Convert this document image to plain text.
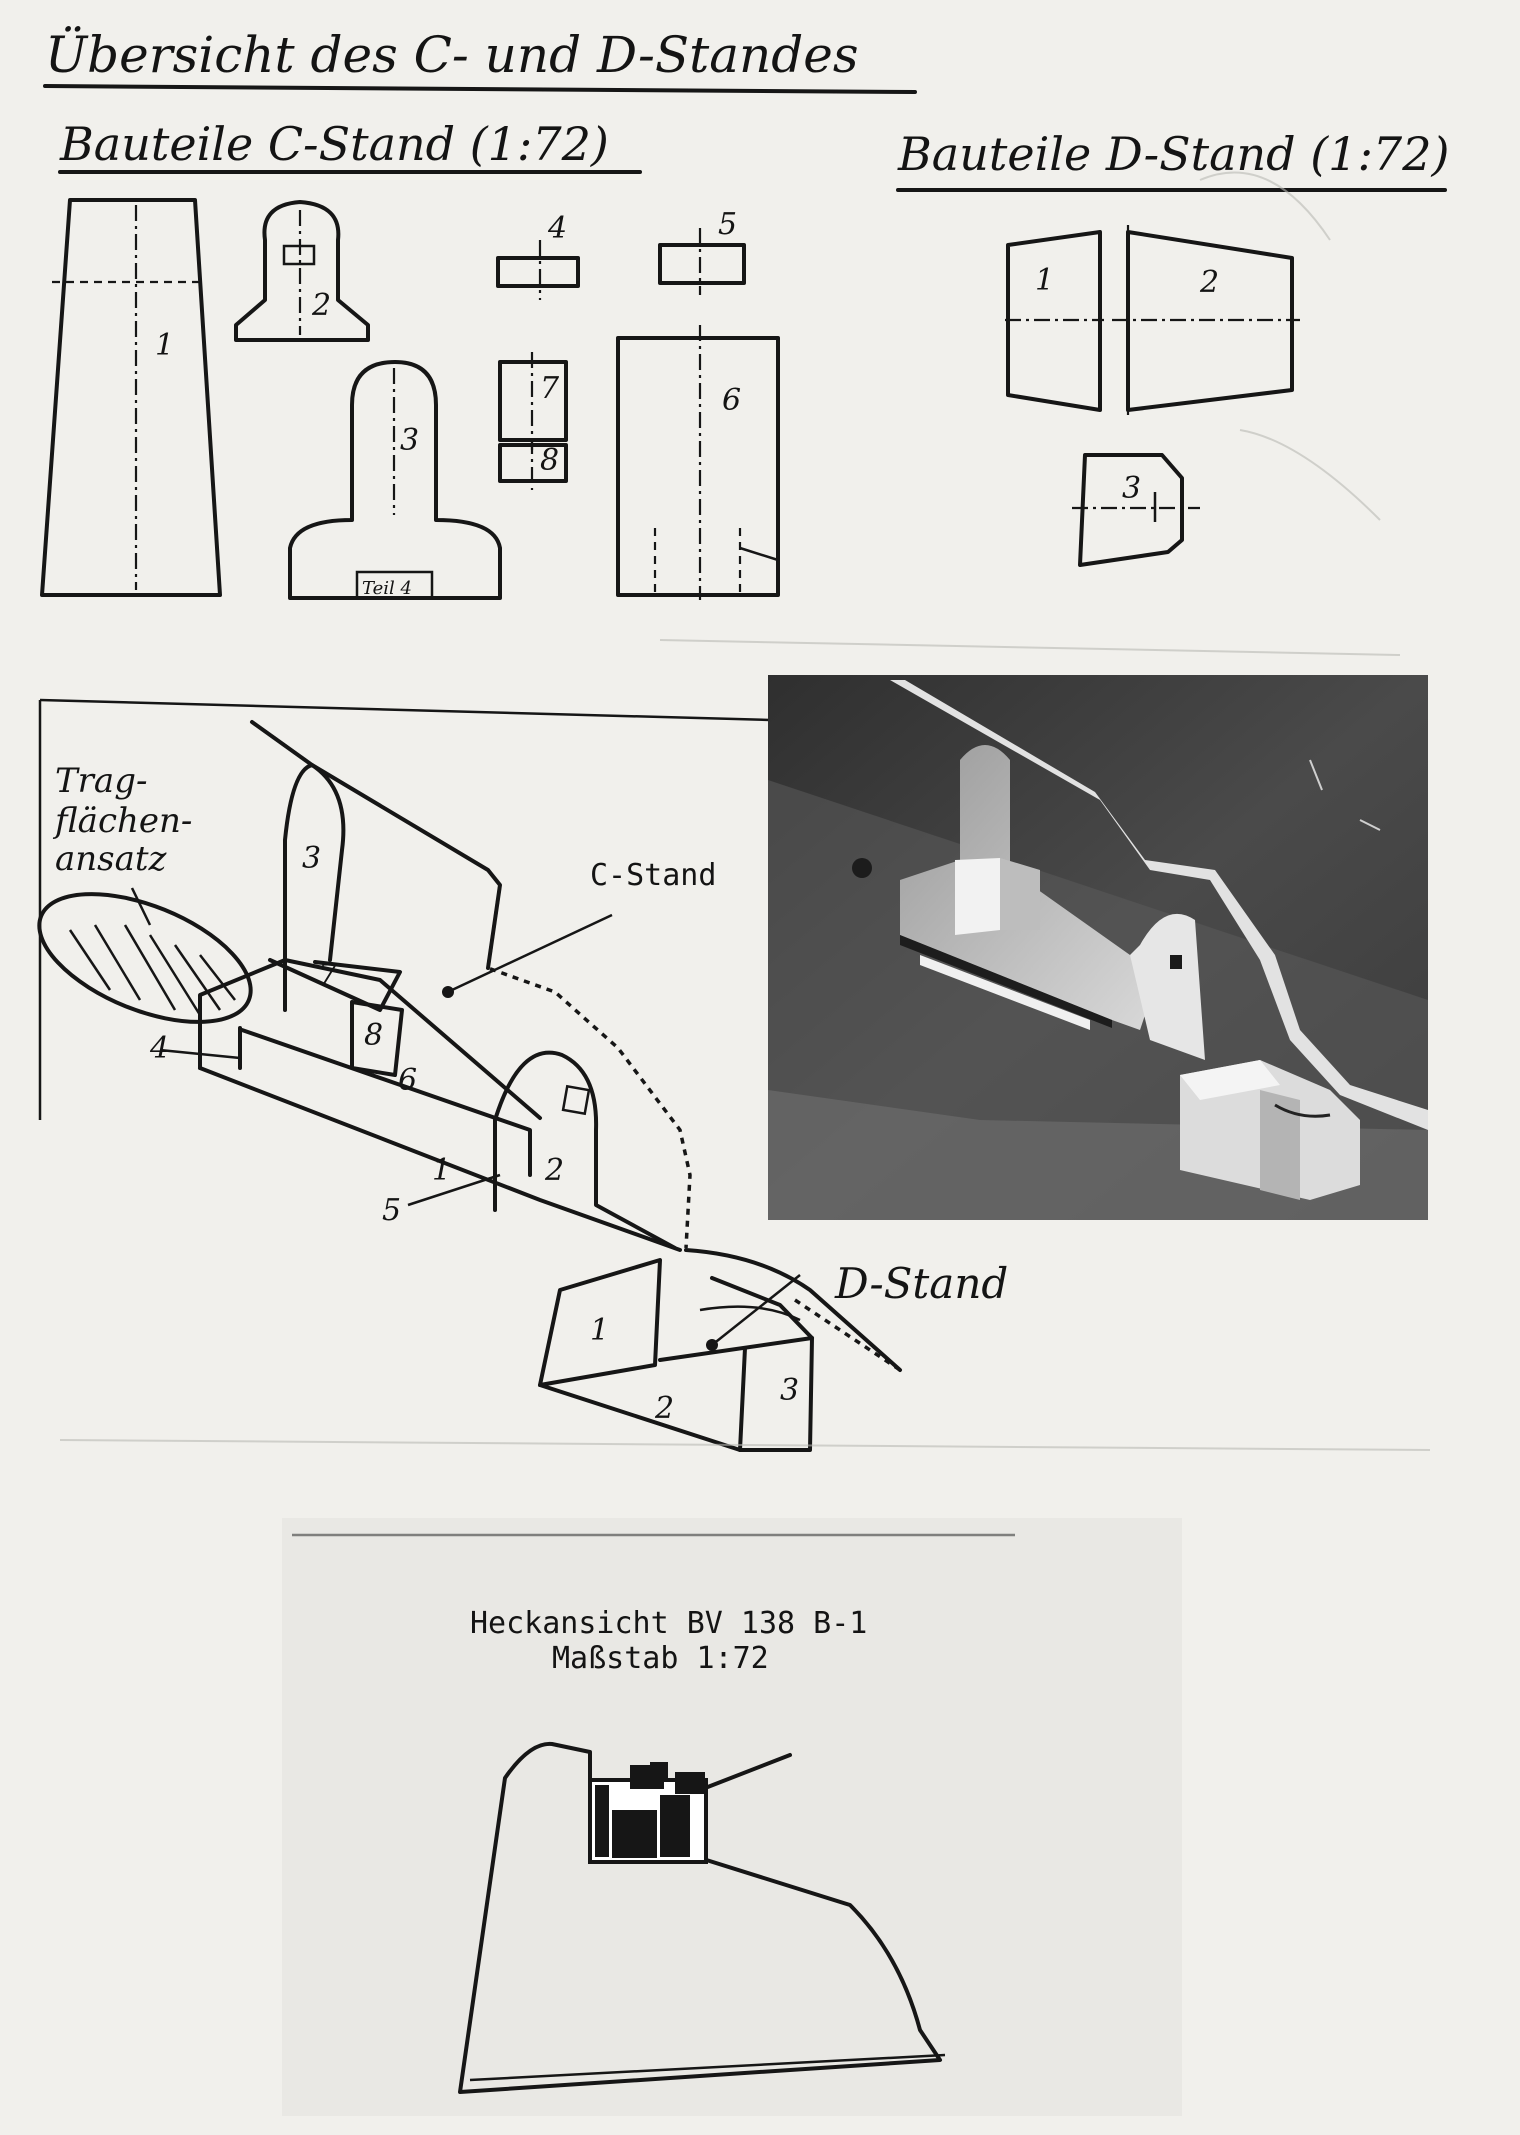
Übersicht des C- und D-Standes
Bauteile C-Stand (1:72)	Bauteile D-Stand (1:72)
1
2
3
Teil 4
4	5
7
8
6
1	2
3
Trag- flächen- ansatz	3
7
8
4
6
1
5
2
C-Stand
D-Stand
1
2
3
Heckansicht BV 138 B-1
Maßstab 1:72
